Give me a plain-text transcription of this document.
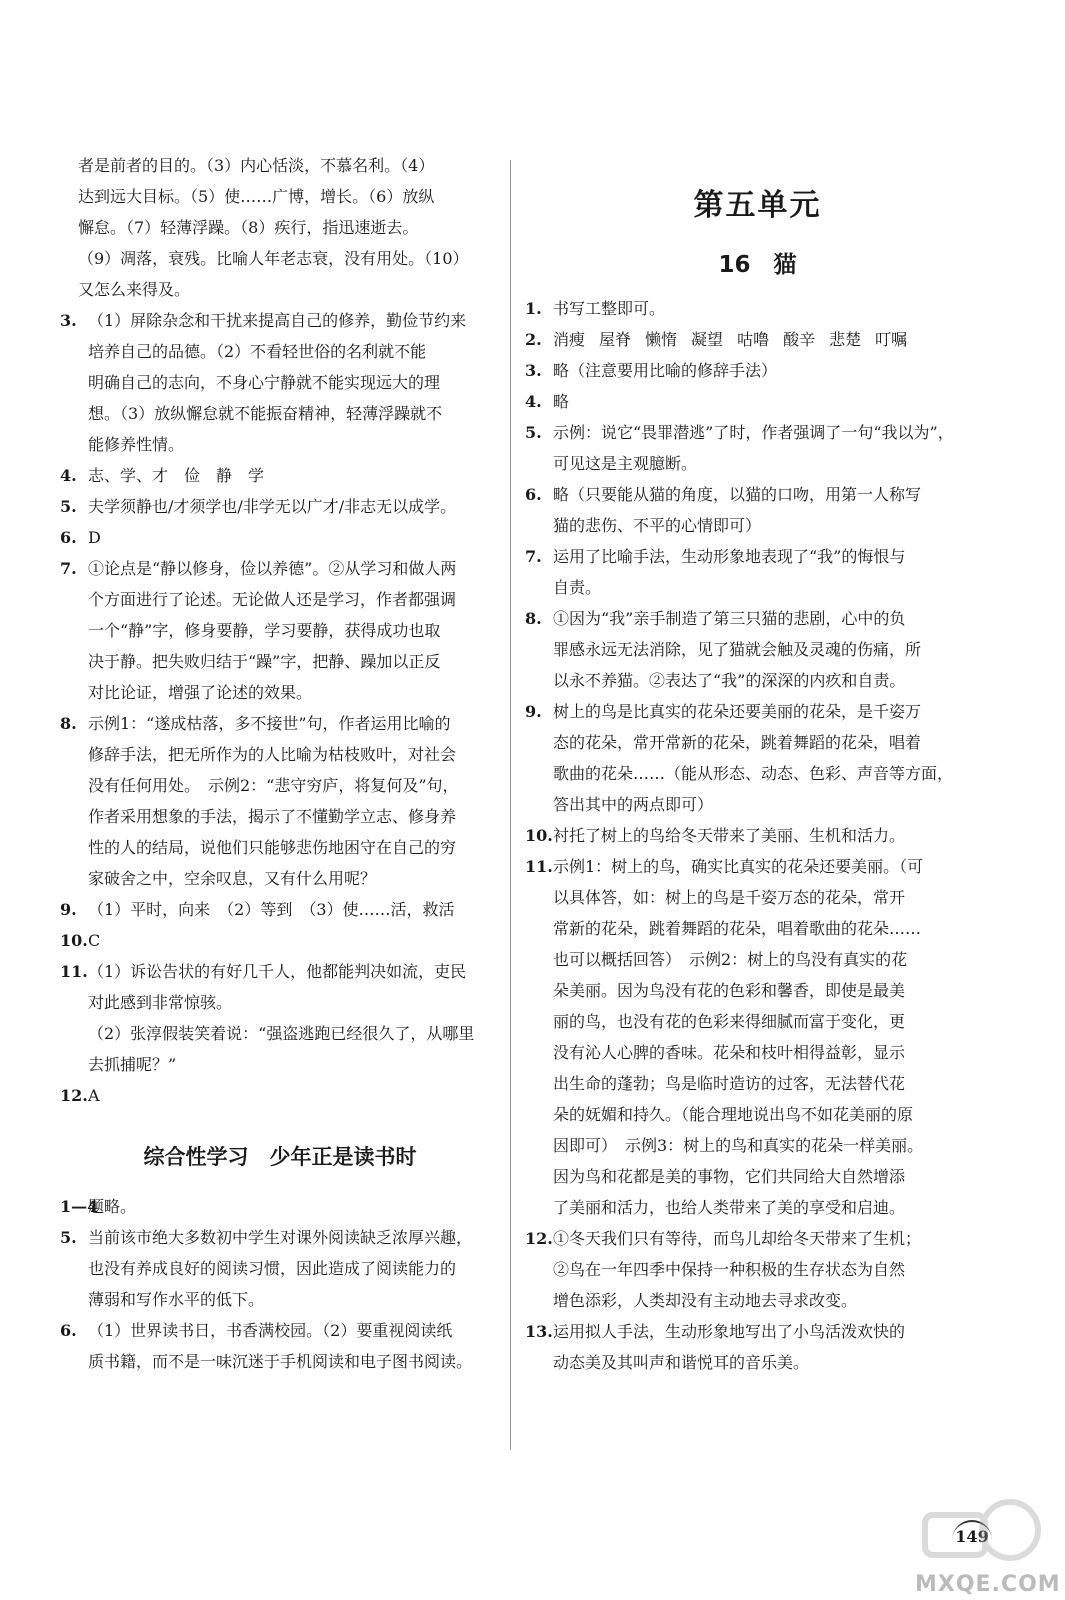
者是前者的目的。（3）内心恬淡，不慕名利。（4）
达到远大目标。（5）使……广博，增长。（6）放纵
懈怠。（7）轻薄浮躁。（8）疾行，指迅速逝去。
（9）凋落，衰残。比喻人年老志衰，没有用处。（10）
又怎么来得及。
3. （1）屏除杂念和干扰来提高自己的修养，勤俭节约来
培养自己的品德。（2）不看轻世俗的名利就不能
明确自己的志向，不身心宁静就不能实现远大的理
想。（3）放纵懈怠就不能振奋精神，轻薄浮躁就不
能修养性情。
4. 志、学、才　俭　静　学
5. 夫学须静也/才须学也/非学无以广才/非志无以成学。
6. D
7. ①论点是“静以修身，俭以养德”。②从学习和做人两
个方面进行了论述。无论做人还是学习，作者都强调
一个“静”字，修身要静，学习要静，获得成功也取
决于静。把失败归结于“躁”字，把静、躁加以正反
对比论证，增强了论述的效果。
8. 示例1：“遂成枯落，多不接世”句，作者运用比喻的
修辞手法，把无所作为的人比喻为枯枝败叶，对社会
没有任何用处。　示例2：“悲守穷庐，将复何及”句，
作者采用想象的手法，揭示了不懂勤学立志、修身养
性的人的结局，说他们只能够悲伤地困守在自己的穷
家破舍之中，空余叹息，又有什么用呢？
9. （1）平时，向来　（2）等到　（3）使……活，救活
10. C
11. （1）诉讼告状的有好几千人，他都能判决如流，吏民
对此感到非常惊骇。
（2）张淳假装笑着说：“强盗逃跑已经很久了，从哪里
去抓捕呢？”
12. A
综合性学习　少年正是读书时
1—4
题略。
5. 当前该市绝大多数初中学生对课外阅读缺乏浓厚兴趣，
也没有养成良好的阅读习惯，因此造成了阅读能力的
薄弱和写作水平的低下。
6. （1）世界读书日，书香满校园。（2）要重视阅读纸
质书籍，而不是一味沉迷于手机阅读和电子图书阅读。
第五单元
16　猫
1. 书写工整即可。
2. 消瘦 屋脊 懒惰 凝望 咕噜 酸辛 悲楚 叮嘱
3. 略（注意要用比喻的修辞手法）
4. 略
5. 示例：说它“畏罪潜逃”了时，作者强调了一句“我以为”，
可见这是主观臆断。
6. 略（只要能从猫的角度，以猫的口吻，用第一人称写
猫的悲伤、不平的心情即可）
7. 运用了比喻手法，生动形象地表现了“我”的悔恨与
自责。
8. ①因为“我”亲手制造了第三只猫的悲剧，心中的负
罪感永远无法消除，见了猫就会触及灵魂的伤痛，所
以永不养猫。②表达了“我”的深深的内疚和自责。
9. 树上的鸟是比真实的花朵还要美丽的花朵，是千姿万
态的花朵，常开常新的花朵，跳着舞蹈的花朵，唱着
歌曲的花朵……（能从形态、动态、色彩、声音等方面，
答出其中的两点即可）
10. 衬托了树上的鸟给冬天带来了美丽、生机和活力。
11. 示例1：树上的鸟，确实比真实的花朵还要美丽。（可
以具体答，如：树上的鸟是千姿万态的花朵，常开
常新的花朵，跳着舞蹈的花朵，唱着歌曲的花朵……
也可以概括回答）　示例2：树上的鸟没有真实的花
朵美丽。因为鸟没有花的色彩和馨香，即使是最美
丽的鸟，也没有花的色彩来得细腻而富于变化，更
没有沁人心脾的香味。花朵和枝叶相得益彰，显示
出生命的蓬勃；鸟是临时造访的过客，无法替代花
朵的妩媚和持久。（能合理地说出鸟不如花美丽的原
因即可）　示例3：树上的鸟和真实的花朵一样美丽。
因为鸟和花都是美的事物，它们共同给大自然增添
了美丽和活力，也给人类带来了美的享受和启迪。
12. ①冬天我们只有等待，而鸟儿却给冬天带来了生机；
②鸟在一年四季中保持一种积极的生存状态为自然
增色添彩，人类却没有主动地去寻求改变。
13. 运用拟人手法，生动形象地写出了小鸟活泼欢快的
动态美及其叫声和谐悦耳的音乐美。
149
MXQE.COM
